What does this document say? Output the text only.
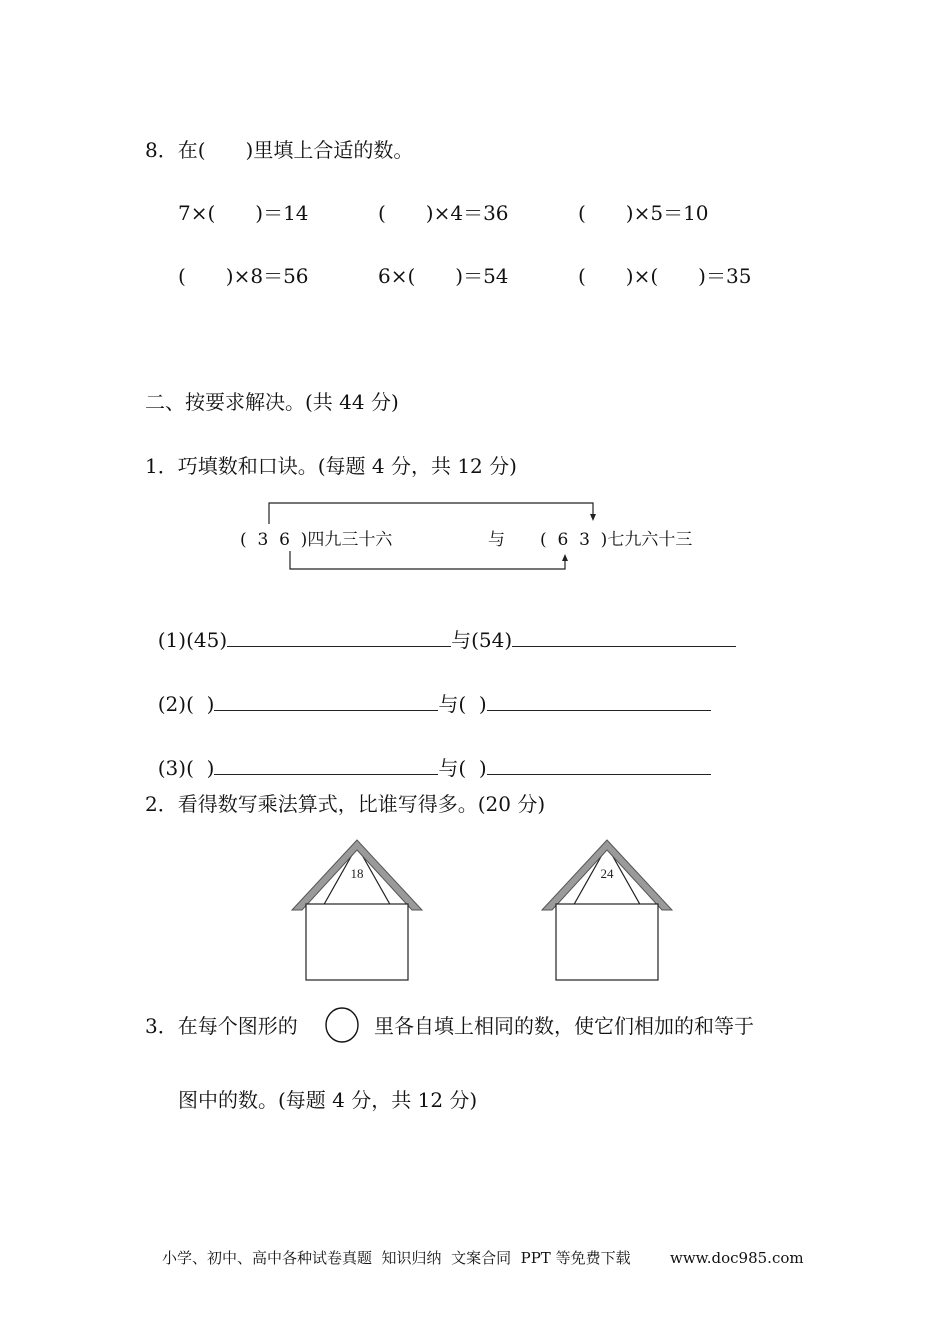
8．在(　　)里填上合适的数。
7×(　　)＝14	(　　)×4＝36	(　　)×5＝10
(　　)×8＝56	6×(　　)＝54	(　　)×(　　)＝35
二、按要求解决。(共 44 分)
1．巧填数和口诀。(每题 4 分，共 12 分)
(  3  6  )四九三十六	与 (  6  3  )七九六十三

(1)(45)	与(54)

(2)(  )	与(  )

(3)(  )	与(  )

2．看得数写乘法算式，比谁写得多。(20 分)
18	24
3．在每个图形的	里各自填上相同的数，使它们相加的和等于
图中的数。(每题 4 分，共 12 分)
小学、初中、高中各种试卷真题  知识归纳  文案合同  PPT 等免费下载	www.doc985.com
